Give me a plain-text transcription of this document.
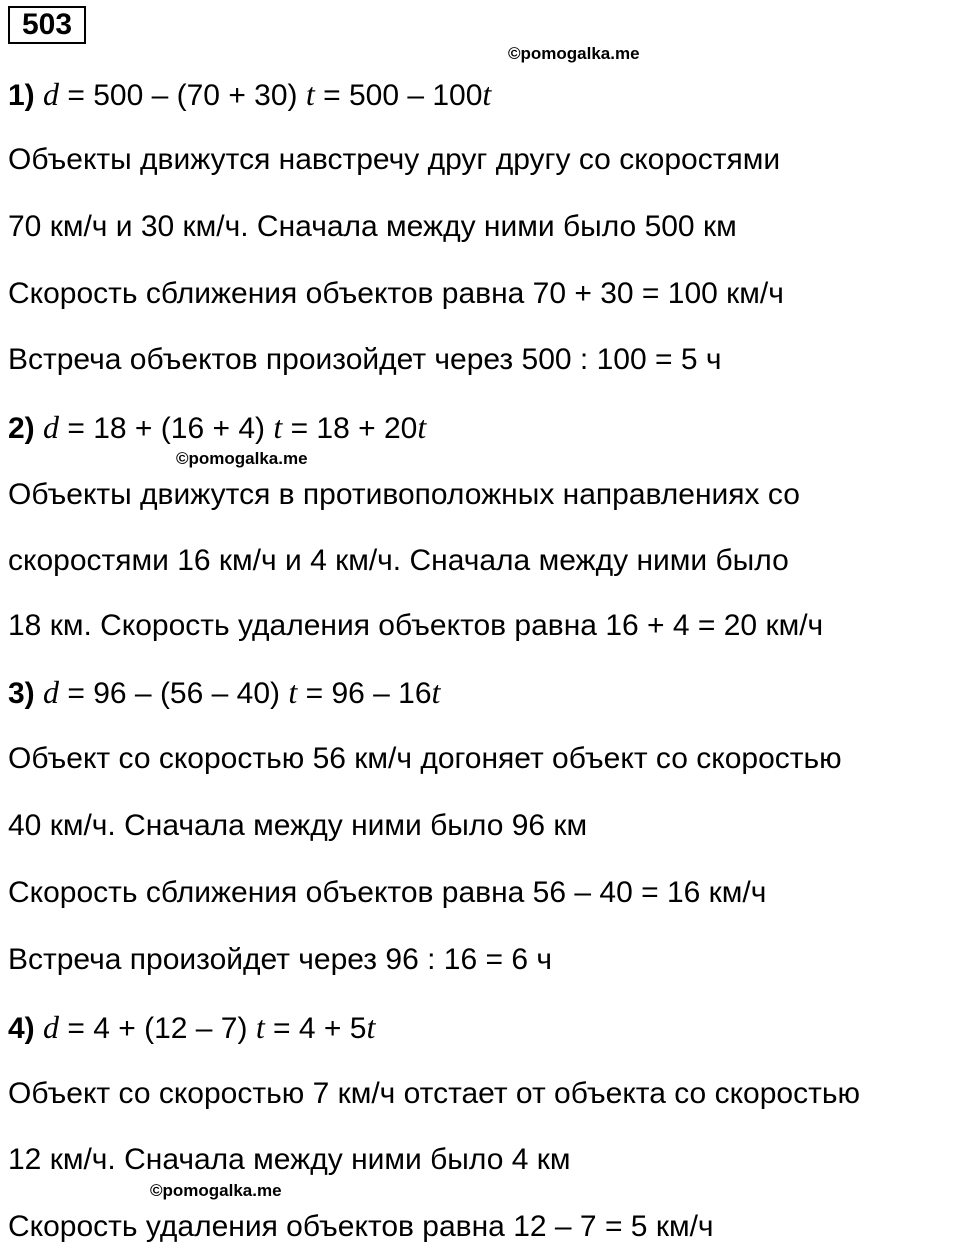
503
©pomogalka.me
©pomogalka.me
©pomogalka.me
1) d = 500 – (70 + 30) t = 500 – 100t
Объекты движутся навстречу друг другу со скоростями
70 км/ч и 30 км/ч. Сначала между ними было 500 км
Скорость сближения объектов равна 70 + 30 = 100 км/ч
Встреча объектов произойдет через 500 : 100 = 5 ч
2) d = 18 + (16 + 4) t = 18 + 20t
Объекты движутся в противоположных направлениях со
скоростями 16 км/ч и 4 км/ч. Сначала между ними было
18 км. Скорость удаления объектов равна 16 + 4 = 20 км/ч
3) d = 96 – (56 – 40) t = 96 – 16t
Объект со скоростью 56 км/ч догоняет объект со скоростью
40 км/ч. Сначала между ними было 96 км
Скорость сближения объектов равна 56 – 40 = 16 км/ч
Встреча произойдет через 96 : 16 = 6 ч
4) d = 4 + (12 – 7) t = 4 + 5t
Объект со скоростью 7 км/ч отстает от объекта со скоростью
12 км/ч. Сначала между ними было 4 км
Скорость удаления объектов равна 12 – 7 = 5 км/ч
